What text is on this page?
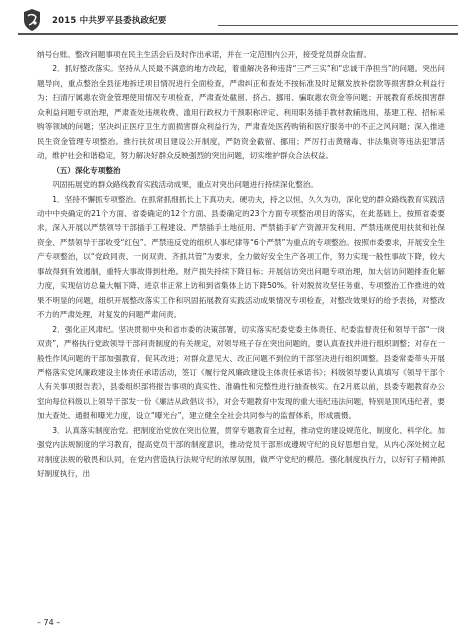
2015 中共罗平县委执政纪要

纳号台账。整改问题事项在民主生活会后及时作出承诺，并在一定范围内公开，接受党员群众监督。

2．抓好整改落实。坚持从人民最不满意的地方改起，着重解决各种违背“三严三实”和“忠诚干净担当”的问题。突出问题导向，重点整治全县征地拆迁项目情况进行全面检查，严肃纠正和查处不按标准及时足额发放补偿款等损害群众利益行为；扫清厅属惠农资金管理使用情况专项检查，严肃查处截留、挤占、挪用、骗取惠农资金等问题；开展教育系统损害群众利益问题专项治理，严肃查处违规收费、滥用行政权力干预职称评定、利用职务插手教材教辅选用、基建工程、招标采购等领域的问题；坚决纠正医疗卫生方面损害群众利益行为，严肃查处医药购销和医疗服务中的不正之风问题；深入推进民生资金管理专项整治。推行扶贫项目建设公开制度，严防资金截留、挪用；严厉打击黄赌毒、非法集资等违法犯罪活动，维护社会和谐稳定，努力解决好群众反映强烈的突出问题，切实维护群众合法权益。

（五）深化专项整治

巩固拓展党的群众路线教育实践活动成果，重点对突出问题进行持续深化整治。

1．坚持不懈抓专项整治。在抓常抓细抓长上下真功夫、硬功夫，持之以恒、久久为功，深化党的群众路线教育实践活动中中央确定的21个方面、省委确定的12个方面、县委确定的23个方面专项整治项目的落实，在此基础上，按照省委要求，深入开展以严禁领导干部插手工程建设、严禁插手土地征用、严禁插手矿产资源开发利用、严禁违规使用扶贫和社保资金、严禁领导干部收受“红包”、严禁违反党的组织人事纪律等“6个严禁”为重点的专项整治。按照市委要求，开展安全生产专项整治，以“党政同责、一岗双责、齐抓共管”为要求，全力做好安全生产各项工作，努力实现一般性事故下降，较大事故得到有效遏制，重特大事故得到杜绝。财产损失持续下降目标；开展信访突出问题专项治理，加大信访问题排查化解力度，实现信访总量大幅下降、进京非正常上访和到省集体上访下降50%。针对脱贫攻坚任务重、专项整治工作推进的效果不明显的问题，组织开展整改落实工作和巩固拓展教育实践活动成果情况专项检查，对整改效果好的给予表扬，对整改不力的严肃处理，对复发的问题严肃问责。

2．强化正风肃纪。坚决贯彻中央和省市委的决策部署，切实落实纪委党委主体责任、纪委监督责任和领导干部“一岗双责”，严格执行党政领导干部问责制度的有关规定，对领导班子存在突出问题的，要认真查找并进行组织调整；对存在一般性作风问题的干部加强教育、促其改进；对群众意见大、改正问题不到位的干部坚决进行组织调整。县委常委带头开展严格落实党风廉政建设主体责任承诺活动，签订《履行党风廉政建设主体责任承诺书》；科级领导要认真填写《领导干部个人有关事项报告表》，县委组织部将报告事项的真实性、准确性和完整性进行抽查核实。在2月底以前，县委专题教育办公室向每位科级以上领导干部发一份《廉洁从政倡议书》，对会专题教育中发现的重大违纪违法问题，特别是顶风违纪者，要加大查处、通报和曝光力度，设立“曝光台”，建立健全全社会共同参与的监督体系，形成震慑。

3．认真落实制度治党。把制度治党放在突出位置，贯穿专题教育全过程，推动党的建设规范化、制度化、科学化。加强党内法规制度的学习教育，提高党员干部的制度意识，推动党员干部形成遵规守纪的良好思想自觉，从内心深处树立起对制度法规的敬畏和认同，在党内营造执行法规守纪的浓厚氛围，做严守党纪的模范。强化制度执行力，以好钉子精神抓好制度执行，出

– 74 –
